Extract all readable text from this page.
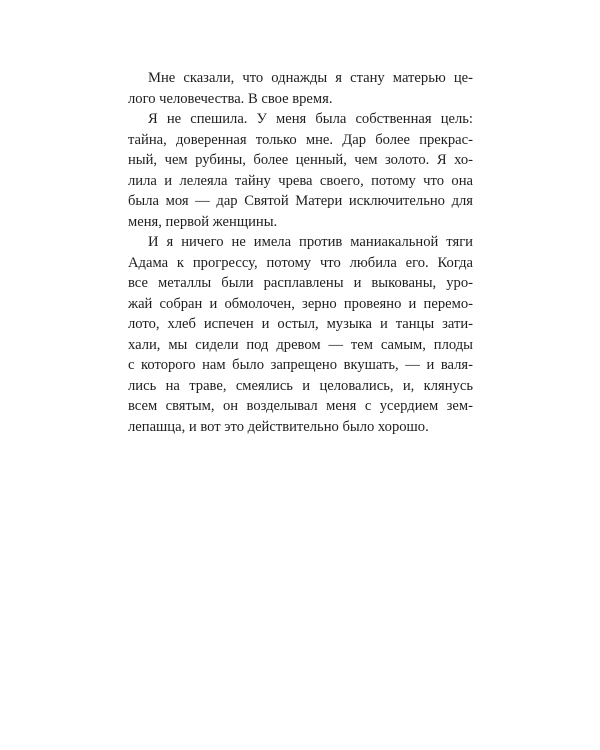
Мне сказали, что однажды я стану матерью це-
лого человечества. В свое время.
Я не спешила. У меня была собственная цель:
тайна, доверенная только мне. Дар более прекрас-
ный, чем рубины, более ценный, чем золото. Я хо-
лила и лелеяла тайну чрева своего, потому что она
была моя — дар Святой Матери исключительно для
меня, первой женщины.
И я ничего не имела против маниакальной тяги
Адама к прогрессу, потому что любила его. Когда
все металлы были расплавлены и выкованы, уро-
жай собран и обмолочен, зерно провеяно и перемо-
лото, хлеб испечен и остыл, музыка и танцы зати-
хали, мы сидели под древом — тем самым, плоды
с которого нам было запрещено вкушать, — и валя-
лись на траве, смеялись и целовались, и, клянусь
всем святым, он возделывал меня с усердием зем-
лепашца, и вот это действительно было хорошо.
